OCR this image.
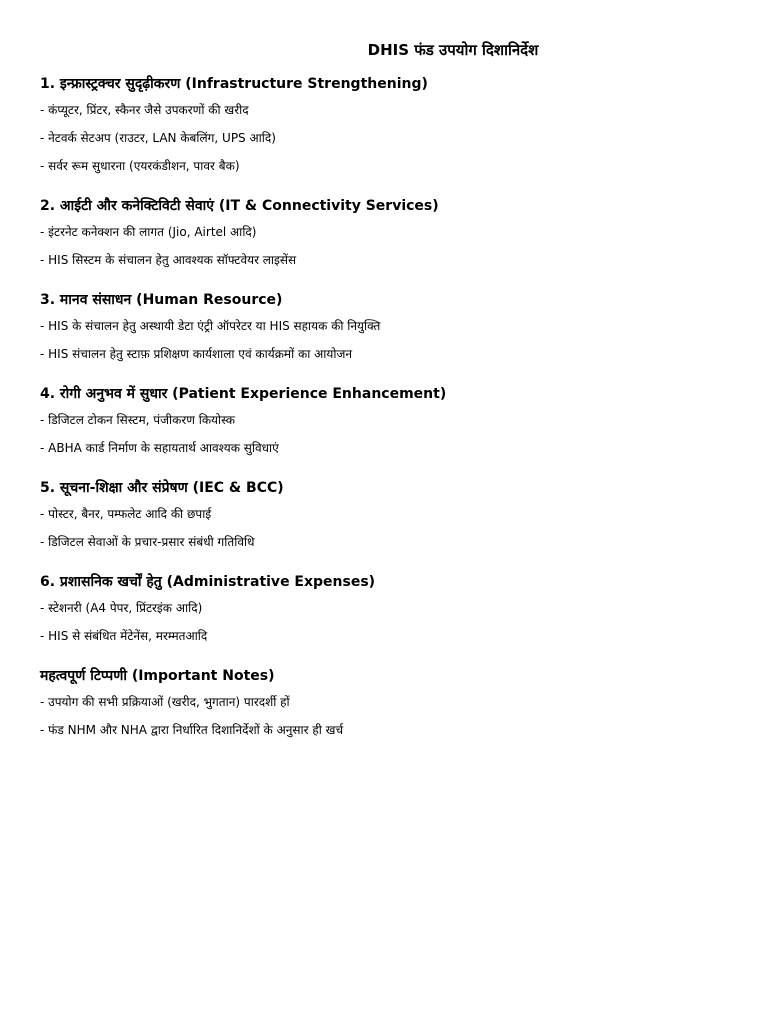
DHIS फंड उपयोग दिशानिर्देश
1. इन्फ्रास्ट्रक्चर सुदृढ़ीकरण (Infrastructure Strengthening)
- कंप्यूटर, प्रिंटर, स्कैनर जैसे उपकरणों की खरीद
- नेटवर्क सेटअप (राउटर, LAN केबलिंग, UPS आदि)
- सर्वर रूम सुधारना (एयरकंडीशन, पावर बैक)
2. आईटी और कनेक्टिविटी सेवाएं (IT & Connectivity Services)
- इंटरनेट कनेक्शन की लागत (Jio, Airtel आदि)
- HIS सिस्टम के संचालन हेतु आवश्यक सॉफ्टवेयर लाइसेंस
3. मानव संसाधन (Human Resource)
- HIS के संचालन हेतु अस्थायी डेटा एंट्री ऑपरेटर या HIS सहायक की नियुक्ति
- HIS संचालन हेतु स्टाफ़ प्रशिक्षण कार्यशाला एवं कार्यक्रमों का आयोजन
4. रोगी अनुभव में सुधार (Patient Experience Enhancement)
- डिजिटल टोकन सिस्टम, पंजीकरण कियोस्क
- ABHA कार्ड निर्माण के सहायतार्थ आवश्यक सुविधाएं
5. सूचना-शिक्षा और संप्रेषण (IEC & BCC)
- पोस्टर, बैनर, पम्फलेट आदि की छपाई
- डिजिटल सेवाओं के प्रचार-प्रसार संबंधी गतिविधि
6. प्रशासनिक खर्चों हेतु (Administrative Expenses)
- स्टेशनरी (A4 पेपर, प्रिंटरइंक आदि)
- HIS से संबंधित मेंटेनेंस, मरम्मतआदि
महत्वपूर्ण टिप्पणी (Important Notes)
- उपयोग की सभी प्रक्रियाओं (खरीद, भुगतान) पारदर्शी हों
- फंड NHM और NHA द्वारा निर्धारित दिशानिर्देशों के अनुसार ही खर्च
